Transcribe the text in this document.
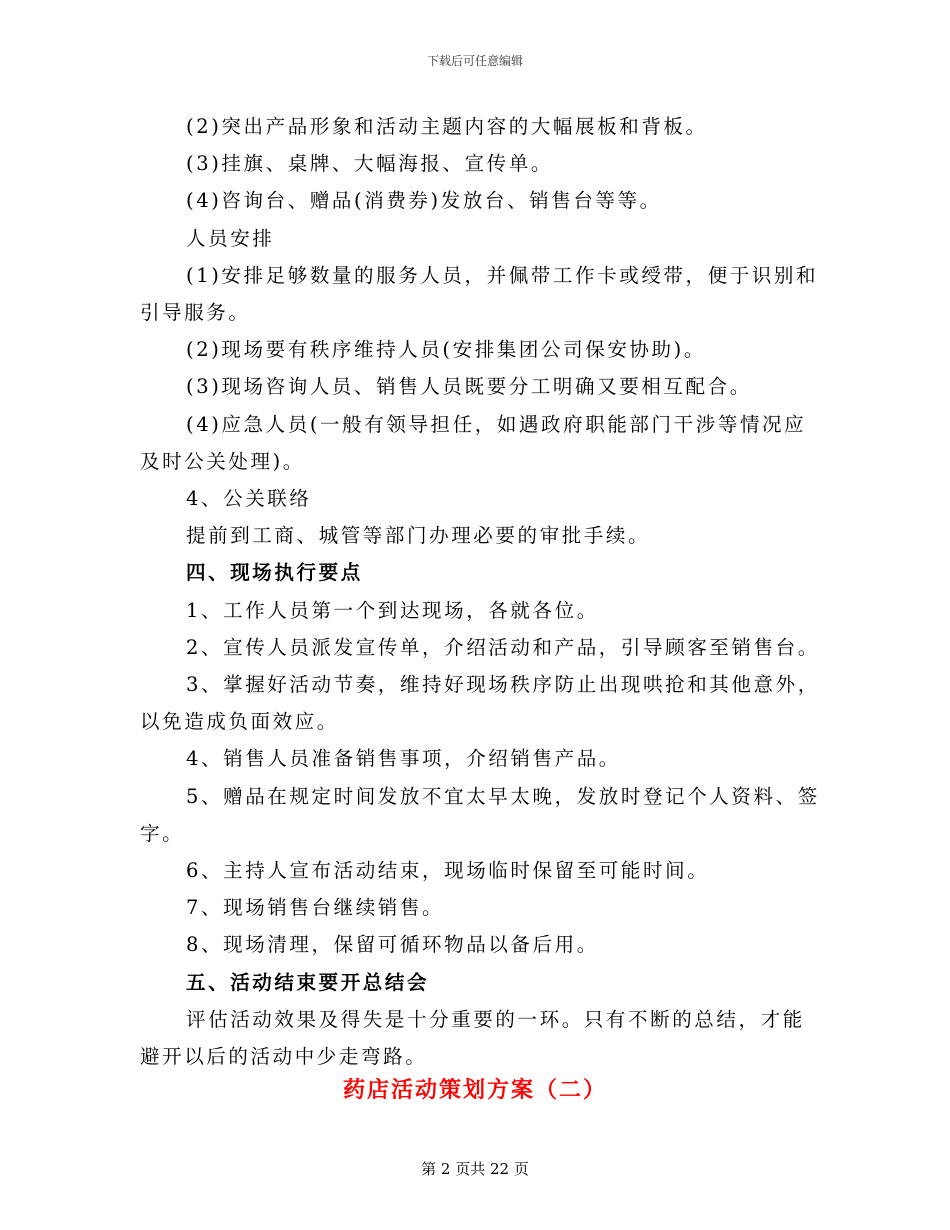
下载后可任意编辑

(2)突出产品形象和活动主题内容的大幅展板和背板。

(3)挂旗、桌牌、大幅海报、宣传单。

(4)咨询台、赠品(消费券)发放台、销售台等等。

人员安排

(1)安排足够数量的服务人员，并佩带工作卡或绶带，便于识别和

引导服务。

(2)现场要有秩序维持人员(安排集团公司保安协助)。

(3)现场咨询人员、销售人员既要分工明确又要相互配合。

(4)应急人员(一般有领导担任，如遇政府职能部门干涉等情况应

及时公关处理)。

4、公关联络

提前到工商、城管等部门办理必要的审批手续。

四、现场执行要点

1、工作人员第一个到达现场，各就各位。

2、宣传人员派发宣传单，介绍活动和产品，引导顾客至销售台。

3、掌握好活动节奏，维持好现场秩序防止出现哄抢和其他意外，

以免造成负面效应。

4、销售人员准备销售事项，介绍销售产品。

5、赠品在规定时间发放不宜太早太晚，发放时登记个人资料、签

字。

6、主持人宣布活动结束，现场临时保留至可能时间。

7、现场销售台继续销售。

8、现场清理，保留可循环物品以备后用。

五、活动结束要开总结会

评估活动效果及得失是十分重要的一环。只有不断的总结，才能

避开以后的活动中少走弯路。

药店活动策划方案（二）
第 2 页共 22 页
